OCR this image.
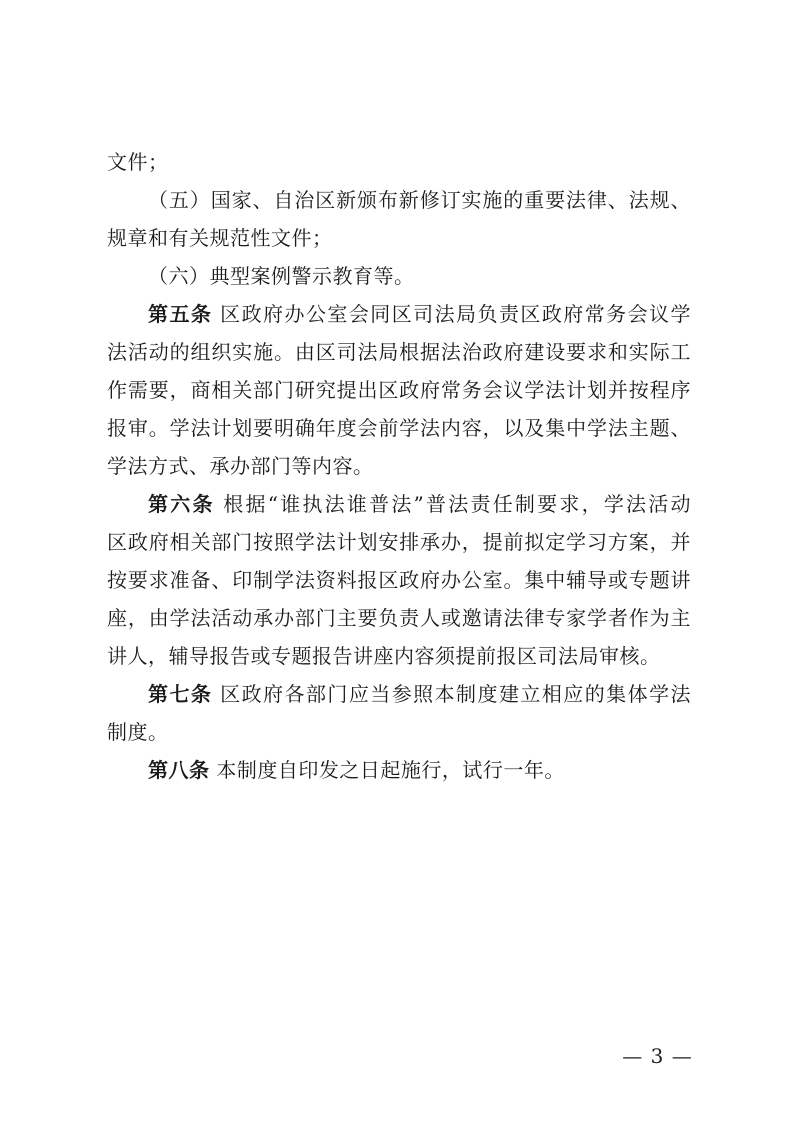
文件；
（五）国家、自治区新颁布新修订实施的重要法律、法规、
规章和有关规范性文件；
（六）典型案例警示教育等。
第五条 区政府办公室会同区司法局负责区政府常务会议学
法活动的组织实施。由区司法局根据法治政府建设要求和实际工
作需要，商相关部门研究提出区政府常务会议学法计划并按程序
报审。学法计划要明确年度会前学法内容，以及集中学法主题、
学法方式、承办部门等内容。
第六条 根据“谁执法谁普法”普法责任制要求，学法活动
区政府相关部门按照学法计划安排承办，提前拟定学习方案，并
按要求准备、印制学法资料报区政府办公室。集中辅导或专题讲
座，由学法活动承办部门主要负责人或邀请法律专家学者作为主
讲人，辅导报告或专题报告讲座内容须提前报区司法局审核。
第七条 区政府各部门应当参照本制度建立相应的集体学法
制度。
第八条 本制度自印发之日起施行，试行一年。
— 3 —
